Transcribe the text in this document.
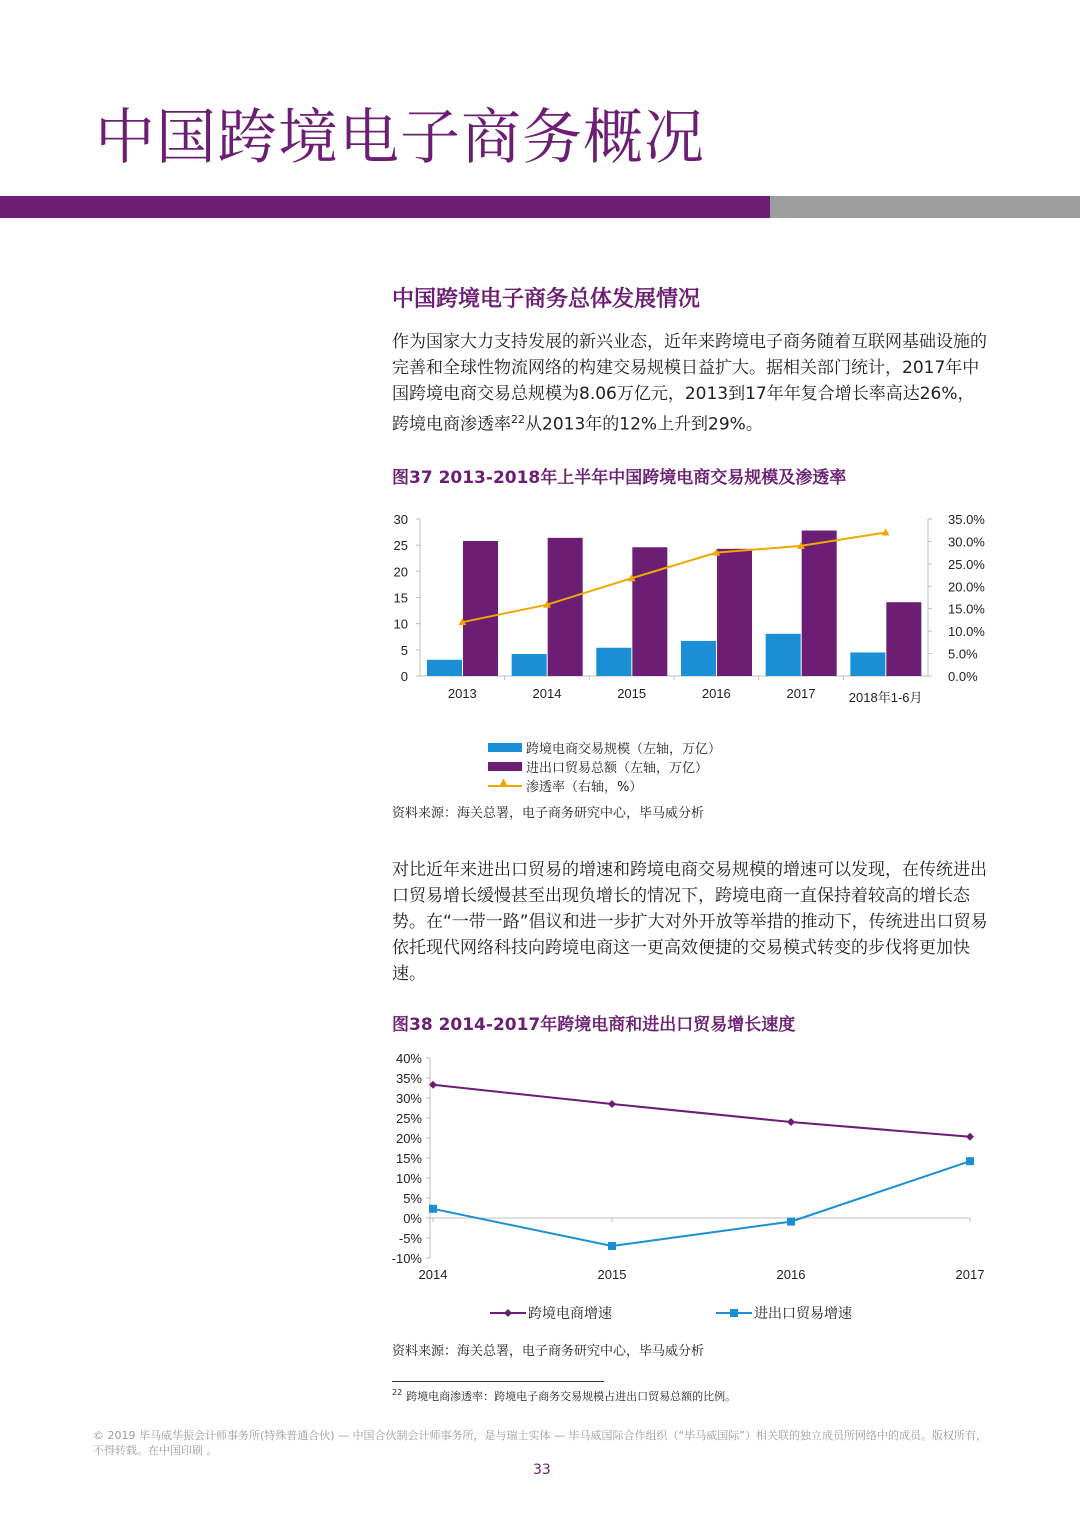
中国跨境电子商务概况
中国跨境电子商务总体发展情况

作为国家大力支持发展的新兴业态，近年来跨境电子商务随着互联网基础设施的完善和全球性物流网络的构建交易规模日益扩大。据相关部门统计，2017年中国跨境电商交易总规模为8.06万亿元，2013到17年年复合增长率高达26%，跨境电商渗透率$^{22}$从2013年的12%上升到29%。

图37 2013-2018年上半年中国跨境电商交易规模及渗透率
0
5
10
15
20
25
30
0.0%
5.0%
10.0%
15.0%
20.0%
25.0%
30.0%
35.0%
2013	2014	2015	2016	2017	2018年1-6月
跨境电商交易规模（左轴，万亿）
进出口贸易总额（左轴，万亿）
▲
渗透率（右轴，%）
资料来源：海关总署，电子商务研究中心，毕马威分析

对比近年来进出口贸易的增速和跨境电商交易规模的增速可以发现，在传统进出口贸易增长缓慢甚至出现负增长的情况下，跨境电商一直保持着较高的增长态势。在“一带一路”倡议和进一步扩大对外开放等举措的推动下，传统进出口贸易依托现代网络科技向跨境电商这一更高效便捷的交易模式转变的步伐将更加快速。

图38 2014-2017年跨境电商和进出口贸易增长速度
-10%
-5%
0%
5%
10%
15%
20%
25%
30%
35%
40%
2014	2015	2016	2017
跨境电商增速	进出口贸易增速
资料来源：海关总署，电子商务研究中心，毕马威分析
$^{22}$ 跨境电商渗透率：跨境电子商务交易规模占进出口贸易总额的比例。
© 2019 毕马威华振会计师事务所(特殊普通合伙) — 中国合伙制会计师事务所，是与瑞士实体 — 毕马威国际合作组织（“毕马威国际”）相关联的独立成员所网络中的成员。版权所有，不得转载。在中国印刷 。
33
